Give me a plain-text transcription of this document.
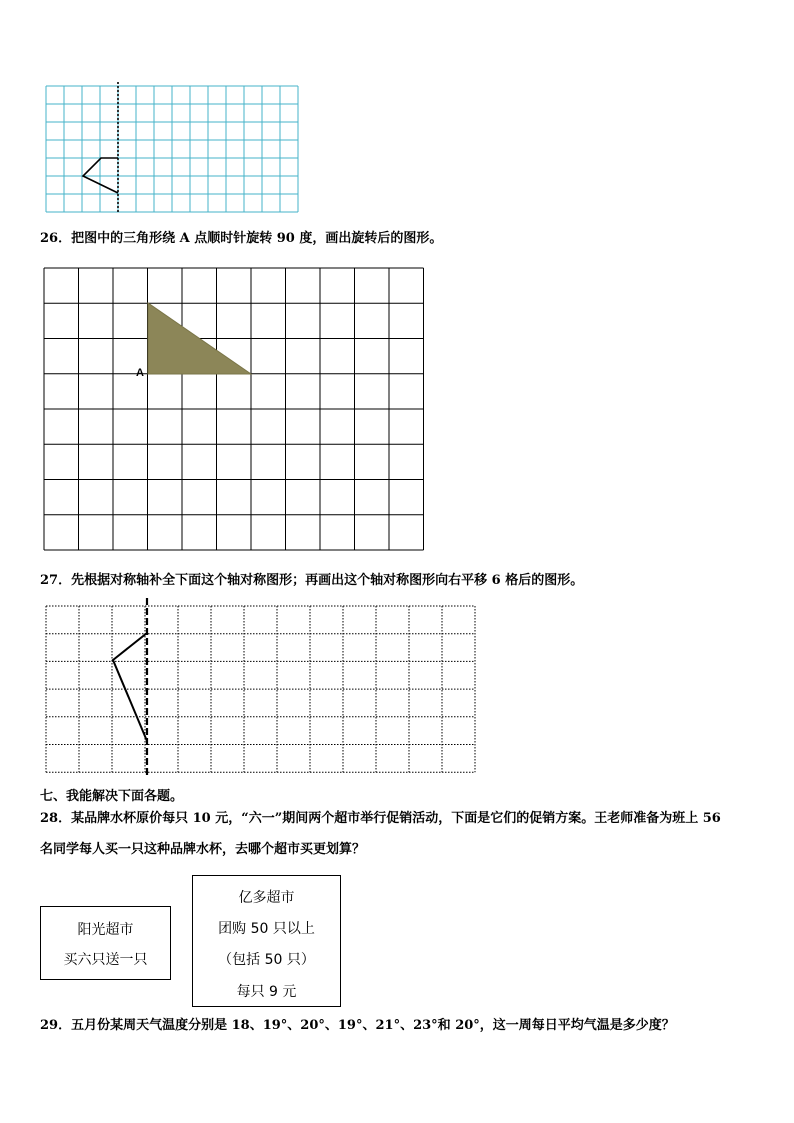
26．把图中的三角形绕 A 点顺时针旋转 90 度，画出旋转后的图形。
A
27．先根据对称轴补全下面这个轴对称图形；再画出这个轴对称图形向右平移 6 格后的图形。
七、我能解决下面各题。
28．某品牌水杯原价每只 10 元，“六一”期间两个超市举行促销活动，下面是它们的促销方案。王老师准备为班上 56
名同学每人买一只这种品牌水杯，去哪个超市买更划算？
阳光超市
买六只送一只
亿多超市
团购 50 只以上
（包括 50 只）
每只 9 元
29．五月份某周天气温度分别是 18、19°、20°、19°、21°、23°和 20°，这一周每日平均气温是多少度？
